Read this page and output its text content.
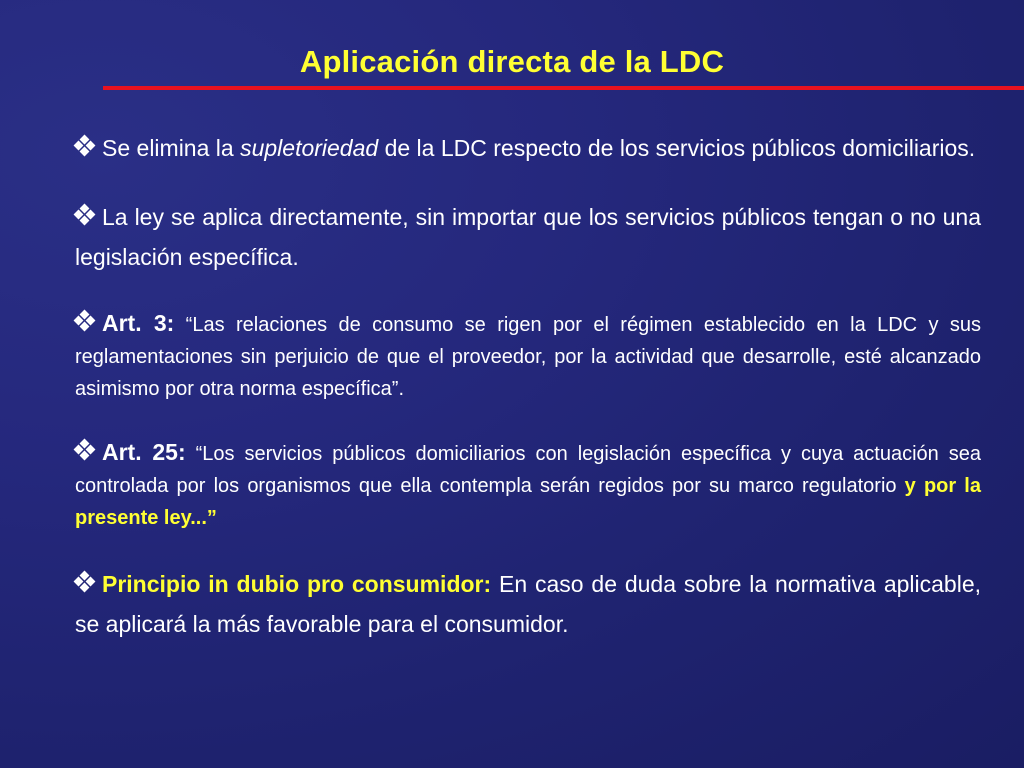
Aplicación directa de la LDC

Se elimina la supletoriedad de la LDC respecto de los servicios públicos domiciliarios.

La ley se aplica directamente, sin importar que los servicios públicos tengan o no una legislación específica.

Art. 3: “Las relaciones de consumo se rigen por el régimen establecido en la LDC y sus reglamentaciones sin perjuicio de que el proveedor, por la actividad que desarrolle, esté alcanzado asimismo por otra norma específica”.

Art. 25: “Los servicios públicos domiciliarios con legislación específica y cuya actuación sea controlada por los organismos que ella contempla serán regidos por su marco regulatorio y por la presente ley...”

Principio in dubio pro consumidor: En caso de duda sobre la normativa aplicable, se aplicará la más favorable para el consumidor.
